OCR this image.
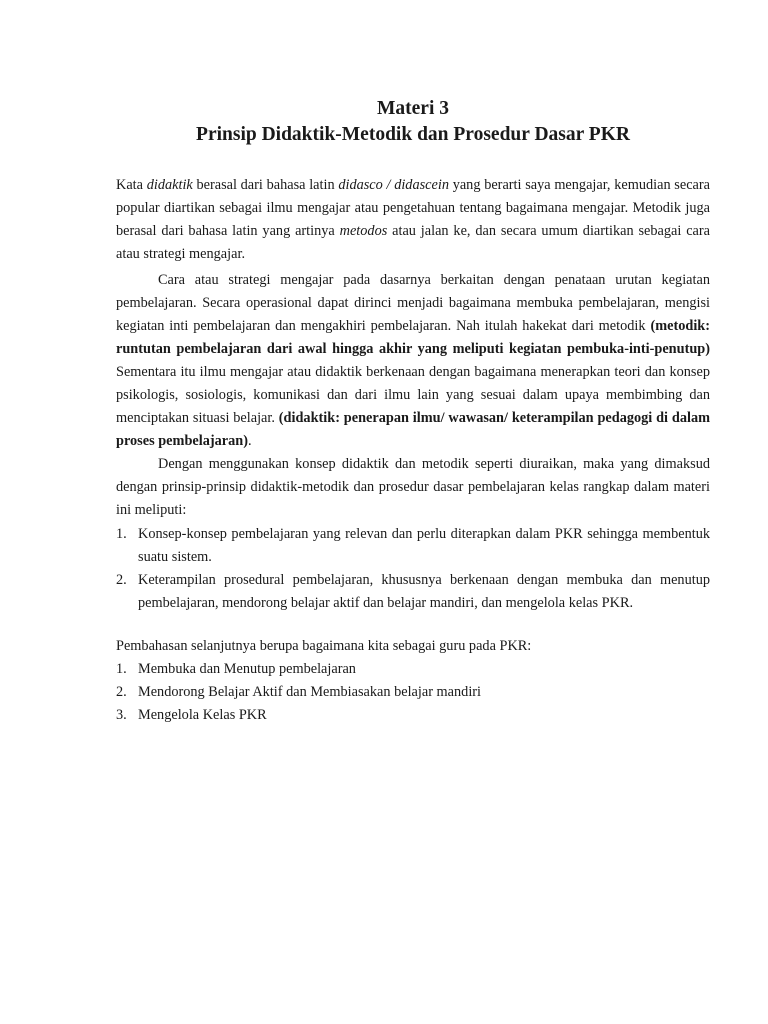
Materi 3
Prinsip Didaktik-Metodik dan Prosedur Dasar PKR

Kata didaktik berasal dari bahasa latin didasco / didascein yang berarti saya mengajar, kemudian secara popular diartikan sebagai ilmu mengajar atau pengetahuan tentang bagaimana mengajar. Metodik juga berasal dari bahasa latin yang artinya metodos atau jalan ke, dan secara umum diartikan sebagai cara atau strategi mengajar.

Cara atau strategi mengajar pada dasarnya berkaitan dengan penataan urutan kegiatan pembelajaran. Secara operasional dapat dirinci menjadi bagaimana membuka pembelajaran, mengisi kegiatan inti pembelajaran dan mengakhiri pembelajaran. Nah itulah hakekat dari metodik (metodik: runtutan pembelajaran dari awal hingga akhir yang meliputi kegiatan pembuka-inti-penutup) Sementara itu ilmu mengajar atau didaktik berkenaan dengan bagaimana menerapkan teori dan konsep psikologis, sosiologis, komunikasi dan dari ilmu lain yang sesuai dalam upaya membimbing dan menciptakan situasi belajar. (didaktik: penerapan ilmu/ wawasan/ keterampilan pedagogi di dalam proses pembelajaran).

Dengan menggunakan konsep didaktik dan metodik seperti diuraikan, maka yang dimaksud dengan prinsip-prinsip didaktik-metodik dan prosedur dasar pembelajaran kelas rangkap dalam materi ini meliputi:

1. Konsep-konsep pembelajaran yang relevan dan perlu diterapkan dalam PKR sehingga membentuk suatu sistem.
2. Keterampilan prosedural pembelajaran, khususnya berkenaan dengan membuka dan menutup pembelajaran, mendorong belajar aktif dan belajar mandiri, dan mengelola kelas PKR.

Pembahasan selanjutnya berupa bagaimana kita sebagai guru pada PKR:

1. Membuka dan Menutup pembelajaran
2. Mendorong Belajar Aktif dan Membiasakan belajar mandiri
3. Mengelola Kelas PKR
